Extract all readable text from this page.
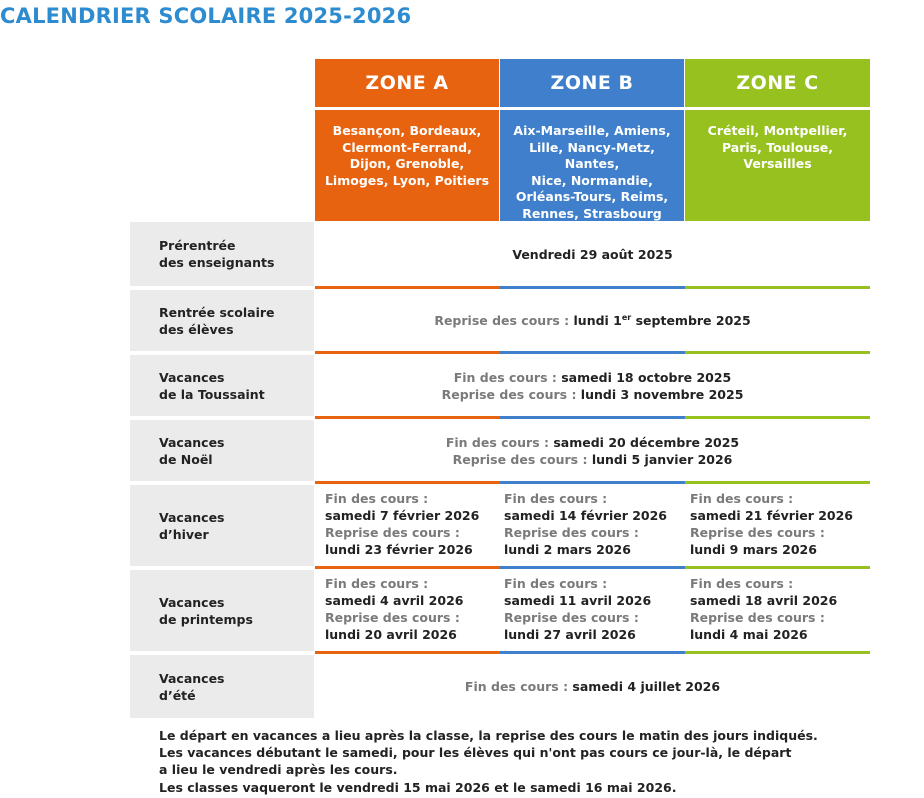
CALENDRIER SCOLAIRE 2025-2026
ZONE A	ZONE B	ZONE C
Besançon, Bordeaux,
Clermont-Ferrand,
Dijon, Grenoble,
Limoges, Lyon, Poitiers
Aix-Marseille, Amiens,
Lille, Nancy-Metz, Nantes,
Nice, Normandie,
Orléans-Tours, Reims,
Rennes, Strasbourg
Créteil, Montpellier,
Paris, Toulouse,
Versailles
Prérentrée
des enseignants
Vendredi 29 août 2025
Rentrée scolaire
des élèves
Reprise des cours : lundi 1er septembre 2025
Vacances
de la Toussaint
Fin des cours : samedi 18 octobre 2025
Reprise des cours : lundi 3 novembre 2025
Vacances
de Noël
Fin des cours : samedi 20 décembre 2025
Reprise des cours : lundi 5 janvier 2026
Vacances
d’hiver
Fin des cours :
samedi 7 février 2026
Reprise des cours :
lundi 23 février 2026
Fin des cours :
samedi 14 février 2026
Reprise des cours :
lundi 2 mars 2026
Fin des cours :
samedi 21 février 2026
Reprise des cours :
lundi 9 mars 2026
Vacances
de printemps
Fin des cours :
samedi 4 avril 2026
Reprise des cours :
lundi 20 avril 2026
Fin des cours :
samedi 11 avril 2026
Reprise des cours :
lundi 27 avril 2026
Fin des cours :
samedi 18 avril 2026
Reprise des cours :
lundi 4 mai 2026
Vacances
d’été
Fin des cours : samedi 4 juillet 2026
Le départ en vacances a lieu après la classe, la reprise des cours le matin des jours indiqués.
Les vacances débutant le samedi, pour les élèves qui n'ont pas cours ce jour-là, le départ
a lieu le vendredi après les cours.
Les classes vaqueront le vendredi 15 mai 2026 et le samedi 16 mai 2026.
